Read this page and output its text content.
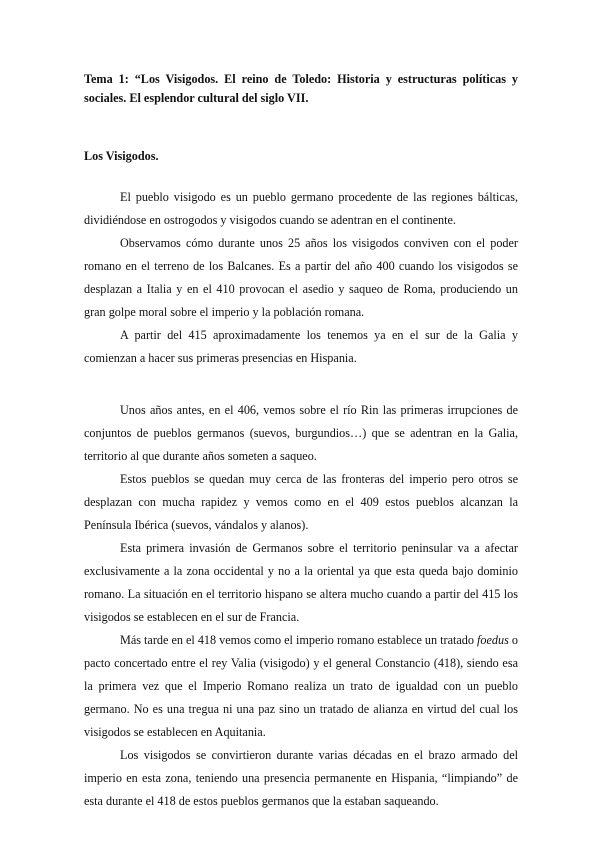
Tema 1: “Los Visigodos. El reino de Toledo: Historia y estructuras políticas y sociales. El esplendor cultural del siglo VII.

Los Visigodos.

El pueblo visigodo es un pueblo germano procedente de las regiones bálticas, dividiéndose en ostrogodos y visigodos cuando se adentran en el continente.

Observamos cómo durante unos 25 años los visigodos conviven con el poder romano en el terreno de los Balcanes. Es a partir del año 400 cuando los visigodos se desplazan a Italia y en el 410 provocan el asedio y saqueo de Roma, produciendo un gran golpe moral sobre el imperio y la población romana.

A partir del 415 aproximadamente los tenemos ya en el sur de la Galia y comienzan a hacer sus primeras presencias en Hispania.

Unos años antes, en el 406, vemos sobre el río Rin las primeras irrupciones de conjuntos de pueblos germanos (suevos, burgundios…) que se adentran en la Galia, territorio al que durante años someten a saqueo.

Estos pueblos se quedan muy cerca de las fronteras del imperio pero otros se desplazan con mucha rapidez y vemos como en el 409 estos pueblos alcanzan la Península Ibérica (suevos, vándalos y alanos).

Esta primera invasión de Germanos sobre el territorio peninsular va a afectar exclusivamente a la zona occidental y no a la oriental ya que esta queda bajo dominio romano. La situación en el territorio hispano se altera mucho cuando a partir del 415 los visigodos se establecen en el sur de Francia.

Más tarde en el 418 vemos como el imperio romano establece un tratado foedus o pacto concertado entre el rey Valia (visigodo) y el general Constancio (418), siendo esa la primera vez que el Imperio Romano realiza un trato de igualdad con un pueblo germano. No es una tregua ni una paz sino un tratado de alianza en virtud del cual los visigodos se establecen en Aquitania.

Los visigodos se convirtieron durante varias décadas en el brazo armado del imperio en esta zona, teniendo una presencia permanente en Hispania, “limpiando” de esta durante el 418 de estos pueblos germanos que la estaban saqueando.
